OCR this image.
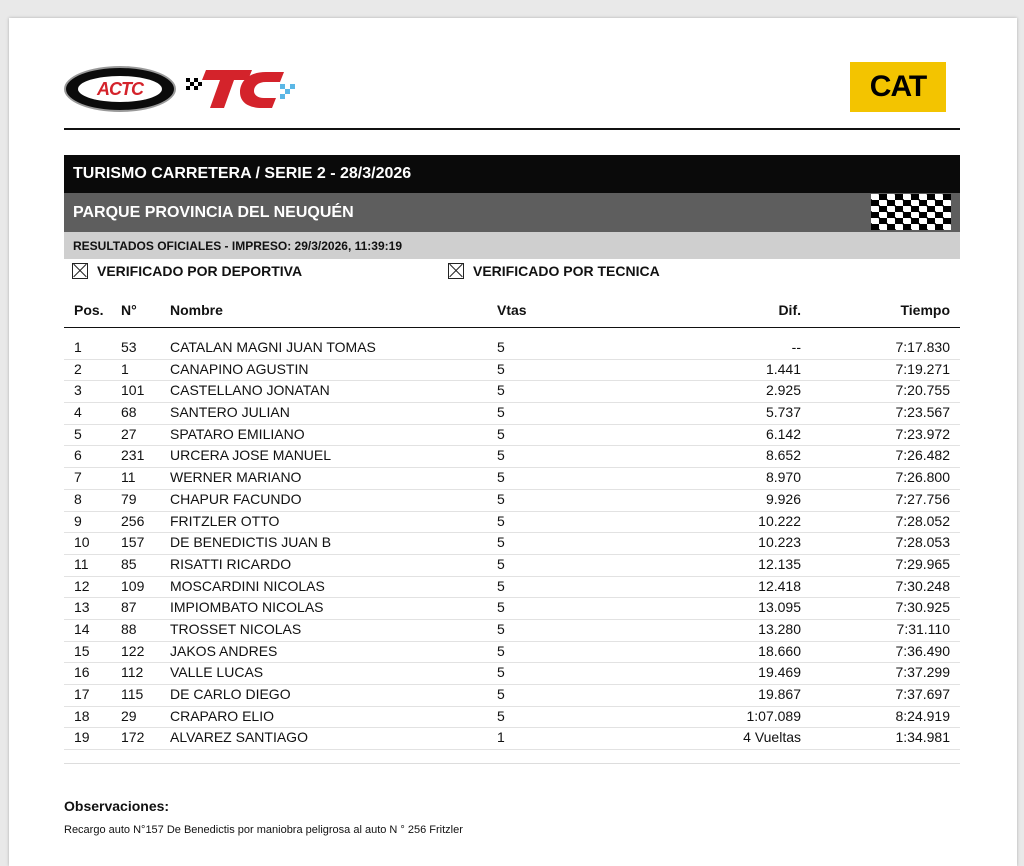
ACTC	CAT
TURISMO CARRETERA / SERIE 2 - 28/3/2026
PARQUE PROVINCIA DEL NEUQUÉN
RESULTADOS OFICIALES - IMPRESO: 29/3/2026, 11:39:19
VERIFICADO POR DEPORTIVA	VERIFICADO POR TECNICA
Pos. N° Nombre	Vtas	Dif.	Tiempo
1	53 CATALAN MAGNI JUAN TOMAS	5	--	7:17.830
2	1	CANAPINO AGUSTIN	5	1.441	7:19.271
3	101 CASTELLANO JONATAN	5	2.925	7:20.755
4	68 SANTERO JULIAN	5	5.737	7:23.567
5	27 SPATARO EMILIANO	5	6.142	7:23.972
6	231 URCERA JOSE MANUEL	5	8.652	7:26.482
7	11 WERNER MARIANO	5	8.970	7:26.800
8	79 CHAPUR FACUNDO	5	9.926	7:27.756
9	256 FRITZLER OTTO	5	10.222	7:28.052
10 157 DE BENEDICTIS JUAN B	5	10.223	7:28.053
11 85 RISATTI RICARDO	5	12.135	7:29.965
12 109 MOSCARDINI NICOLAS	5	12.418	7:30.248
13 87 IMPIOMBATO NICOLAS	5	13.095	7:30.925
14 88 TROSSET NICOLAS	5	13.280	7:31.110
15 122 JAKOS ANDRES	5	18.660	7:36.490
16 112 VALLE LUCAS	5	19.469	7:37.299
17 115 DE CARLO DIEGO	5	19.867	7:37.697
18 29 CRAPARO ELIO	5	1:07.089	8:24.919
19 172 ALVAREZ SANTIAGO	1	4 Vueltas	1:34.981
Observaciones:
Recargo auto N°157 De Benedictis por maniobra peligrosa al auto N ° 256 Fritzler
